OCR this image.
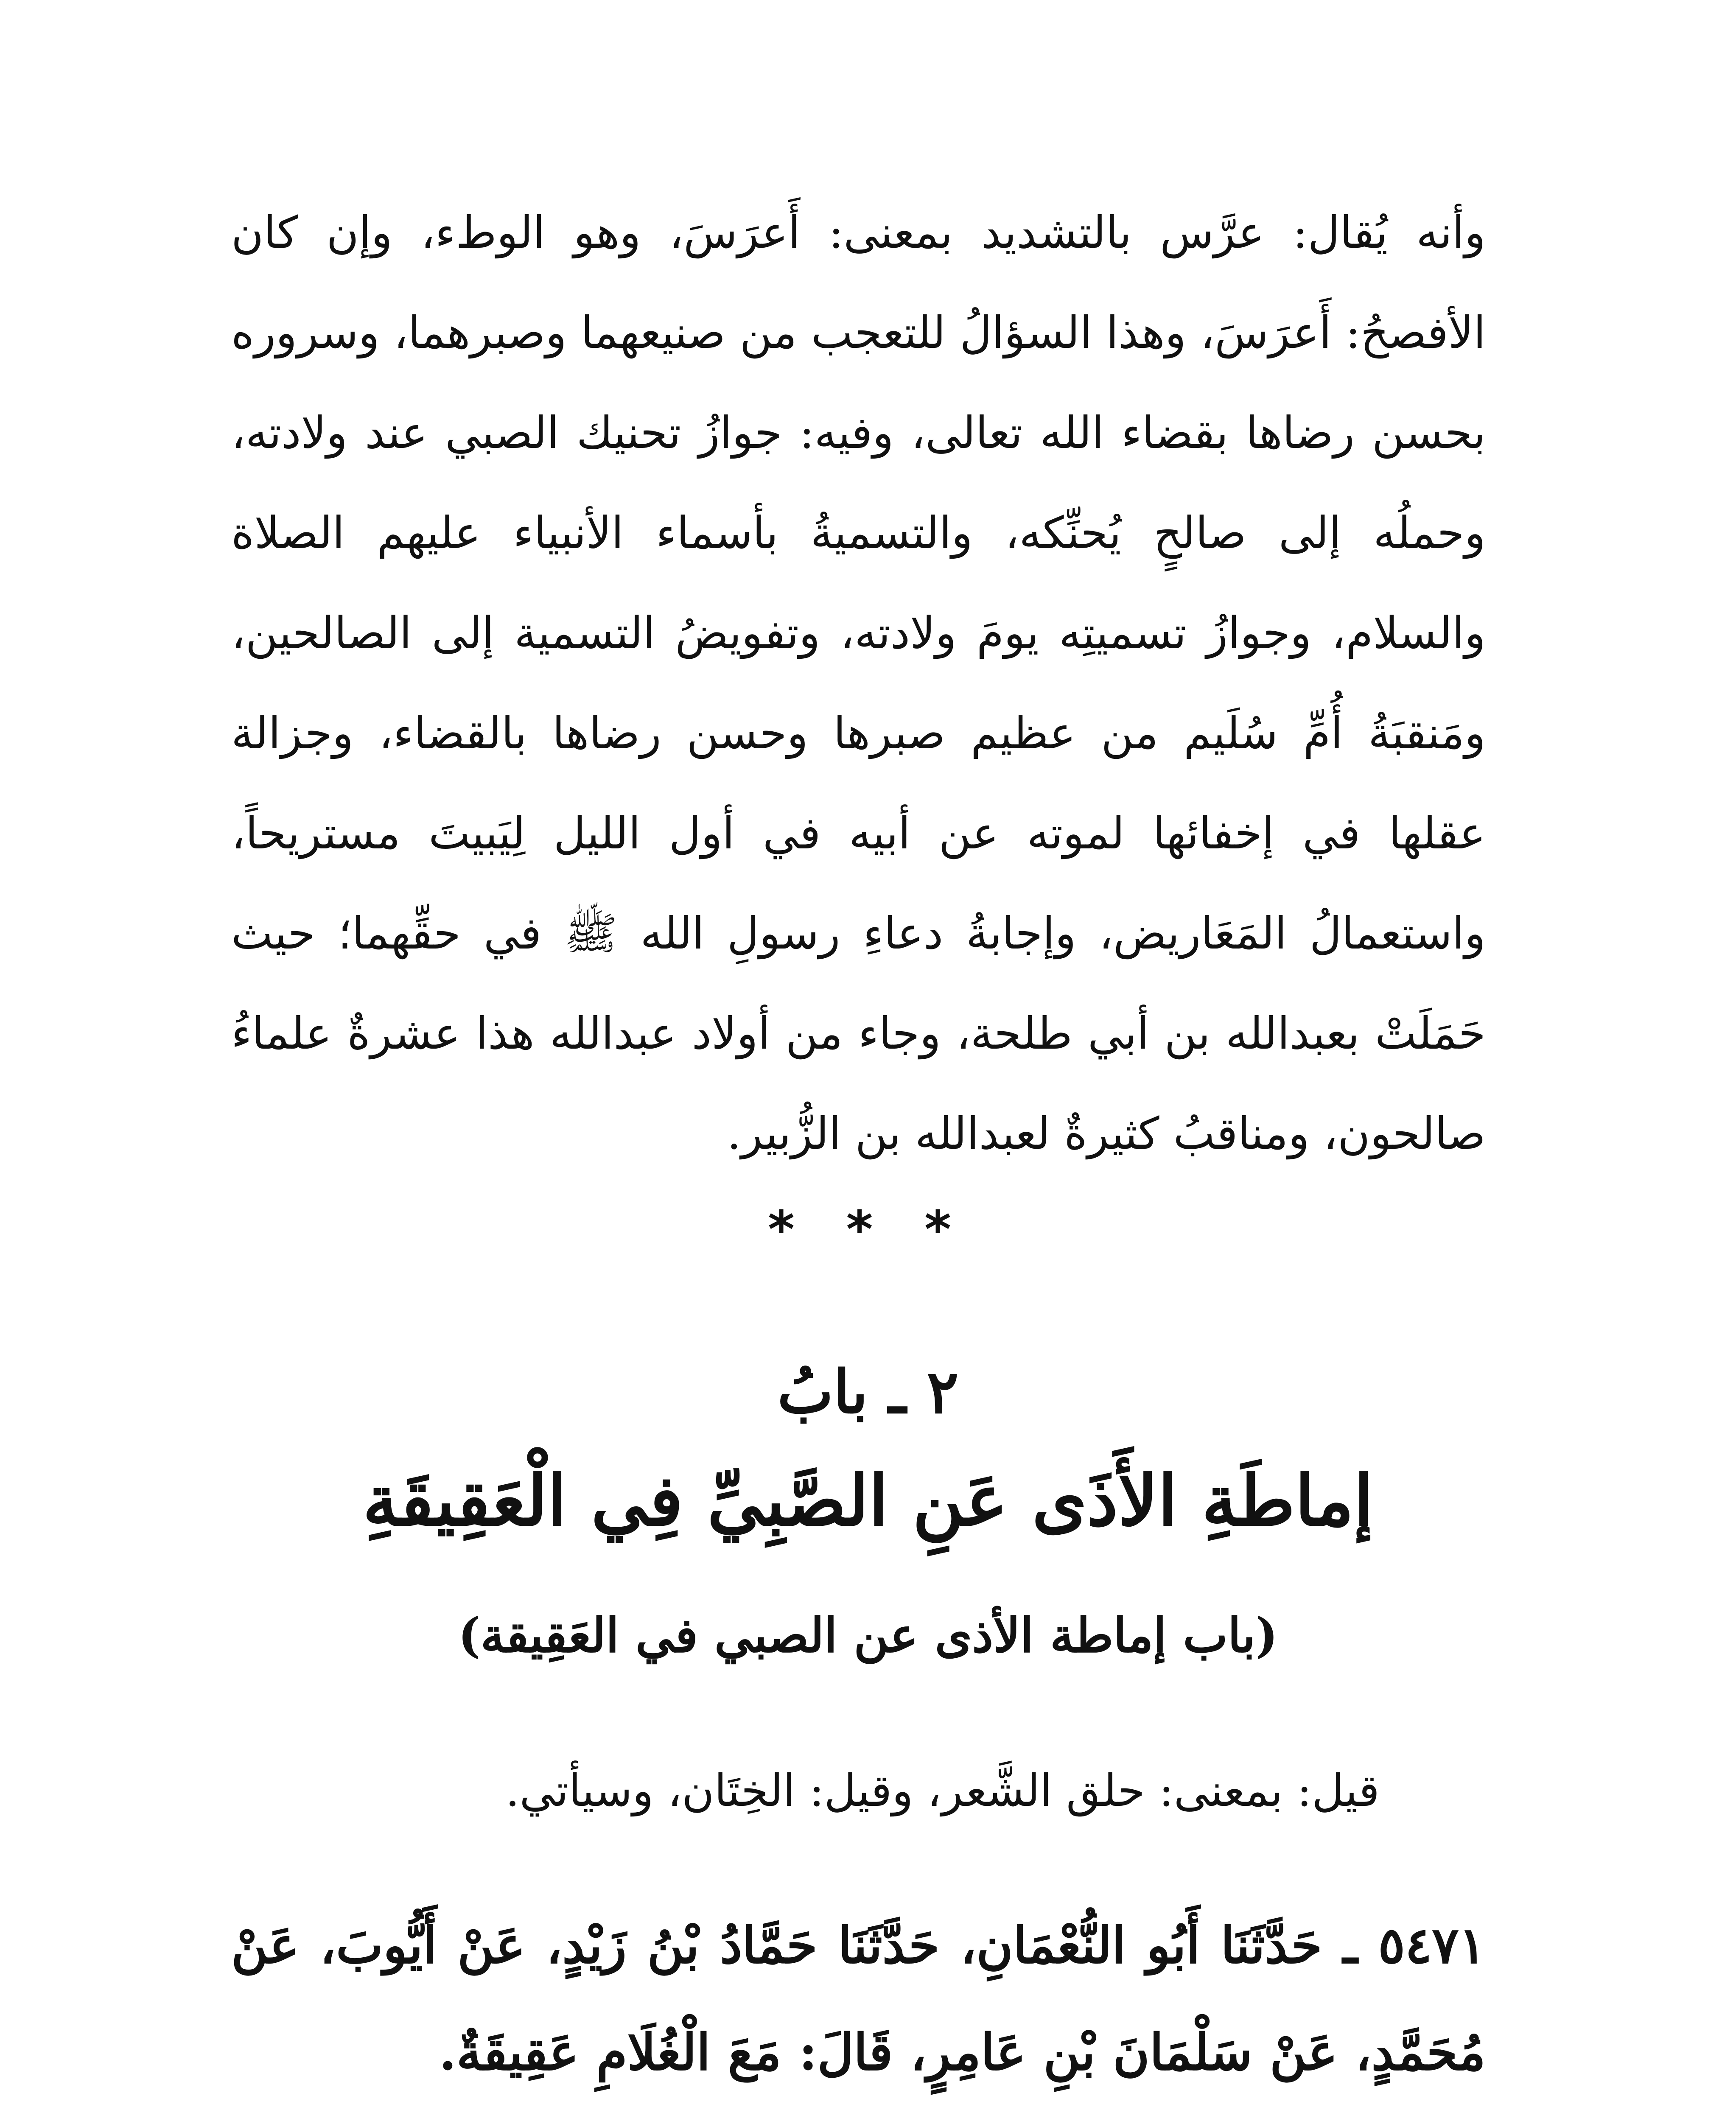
وأنه يُقال: عرَّس بالتشديد بمعنى: أَعرَسَ، وهو الوطء، وإن كان الأفصحُ: أَعرَسَ، وهذا السؤالُ للتعجب من صنيعهما وصبرهما، وسروره بحسن رضاها بقضاء الله تعالى، وفيه: جوازُ تحنيك الصبي عند ولادته، وحملُه إلى صالحٍ يُحنِّكه، والتسميةُ بأسماء الأنبياء عليهم الصلاة والسلام، وجوازُ تسميتِه يومَ ولادته، وتفويضُ التسمية إلى الصالحين، ومَنقبَةُ أُمِّ سُلَيم من عظيم صبرها وحسن رضاها بالقضاء، وجزالة عقلها في إخفائها لموته عن أبيه في أول الليل لِيَبيتَ مستريحاً، واستعمالُ المَعَاريض، وإجابةُ دعاءِ رسولِ الله ﷺ في حقِّهما؛ حيث حَمَلَتْ بعبدالله بن أبي طلحة، وجاء من أولاد عبدالله هذا عشرةٌ علماءُ صالحون، ومناقبُ كثيرةٌ لعبدالله بن الزُّبير.

* * *
٢ ـ بابُ
إماطَةِ الأَذَى عَنِ الصَّبِيِّ فِي الْعَقِيقَةِ
(باب إماطة الأذى عن الصبي في العَقِيقة)

قيل: بمعنى: حلق الشَّعر، وقيل: الخِتَان، وسيأتي.

٥٤٧١ ـ حَدَّثَنَا أَبُو النُّعْمَانِ، حَدَّثَنَا حَمَّادُ بْنُ زَيْدٍ، عَنْ أَيُّوبَ، عَنْ مُحَمَّدٍ، عَنْ سَلْمَانَ بْنِ عَامِرٍ، قَالَ: مَعَ الْغُلَامِ عَقِيقَةٌ.
